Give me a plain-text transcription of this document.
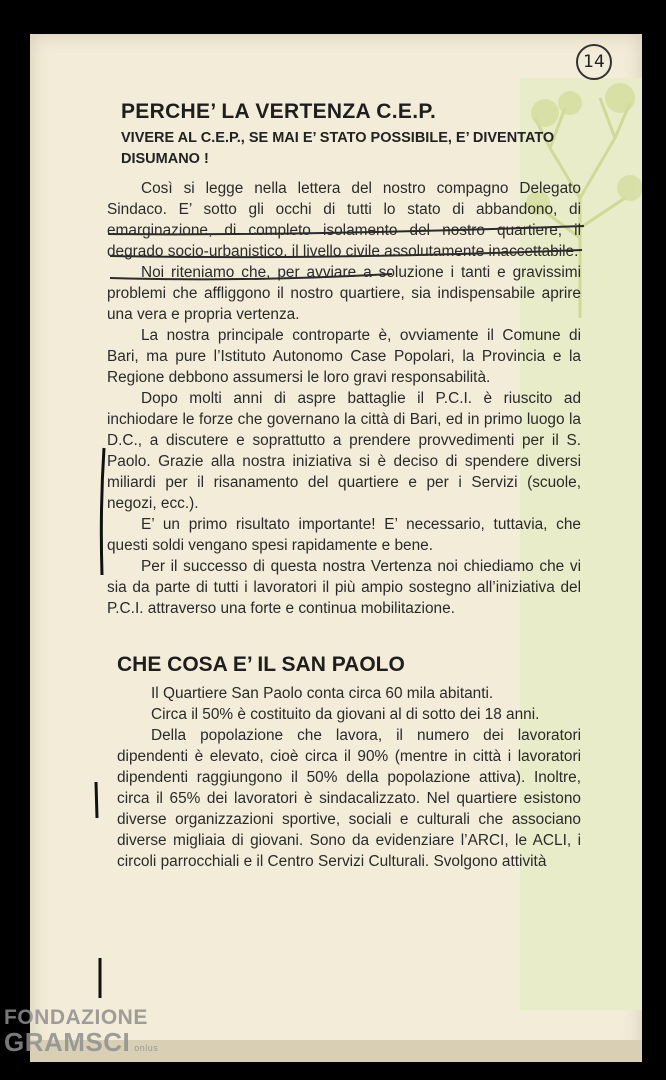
14
PERCHE’ LA VERTENZA C.E.P.
VIVERE AL C.E.P., SE MAI E’ STATO POSSIBILE, E’ DIVENTATO DISUMANO !

Così si legge nella lettera del nostro compagno Delegato Sindaco. E’ sotto gli occhi di tutti lo stato di abbandono, di emarginazione, di completo isolamento del nostro quartiere, il degrado socio-urbanistico, il livello civile assolutamente inaccettabile.

Noi riteniamo che, per avviare a soluzione i tanti e gravissimi problemi che affliggono il nostro quartiere, sia indispensabile aprire una vera e propria vertenza.

La nostra principale controparte è, ovviamente il Comune di Bari, ma pure l’Istituto Autonomo Case Popolari, la Provincia e la Regione debbono assumersi le loro gravi responsabilità.

Dopo molti anni di aspre battaglie il P.C.I. è riuscito ad inchiodare le forze che governano la città di Bari, ed in primo luogo la D.C., a discutere e soprattutto a prendere provvedimenti per il S. Paolo. Grazie alla nostra iniziativa si è deciso di spendere diversi miliardi per il risanamento del quartiere e per i Servizi (scuole, negozi, ecc.).

E’ un primo risultato importante! E’ necessario, tuttavia, che questi soldi vengano spesi rapidamente e bene.

Per il successo di questa nostra Vertenza noi chiediamo che vi sia da parte di tutti i lavoratori il più ampio sostegno all’iniziativa del P.C.I. attraverso una forte e continua mobilitazione.

CHE COSA E’ IL SAN PAOLO

Il Quartiere San Paolo conta circa 60 mila abitanti.

Circa il 50% è costituito da giovani al di sotto dei 18 anni.

Della popolazione che lavora, il numero dei lavoratori dipendenti è elevato, cioè circa il 90% (mentre in città i lavoratori dipendenti raggiungono il 50% della popolazione attiva). Inoltre, circa il 65% dei lavoratori è sindacalizzato. Nel quartiere esistono diverse organizzazioni sportive, sociali e culturali che associano diverse migliaia di giovani. Sono da evidenziare l’ARCI, le ACLI, i circoli parrocchiali e il Centro Servizi Culturali. Svolgono attività

FONDAZIONE
GRAMSCI onlus
